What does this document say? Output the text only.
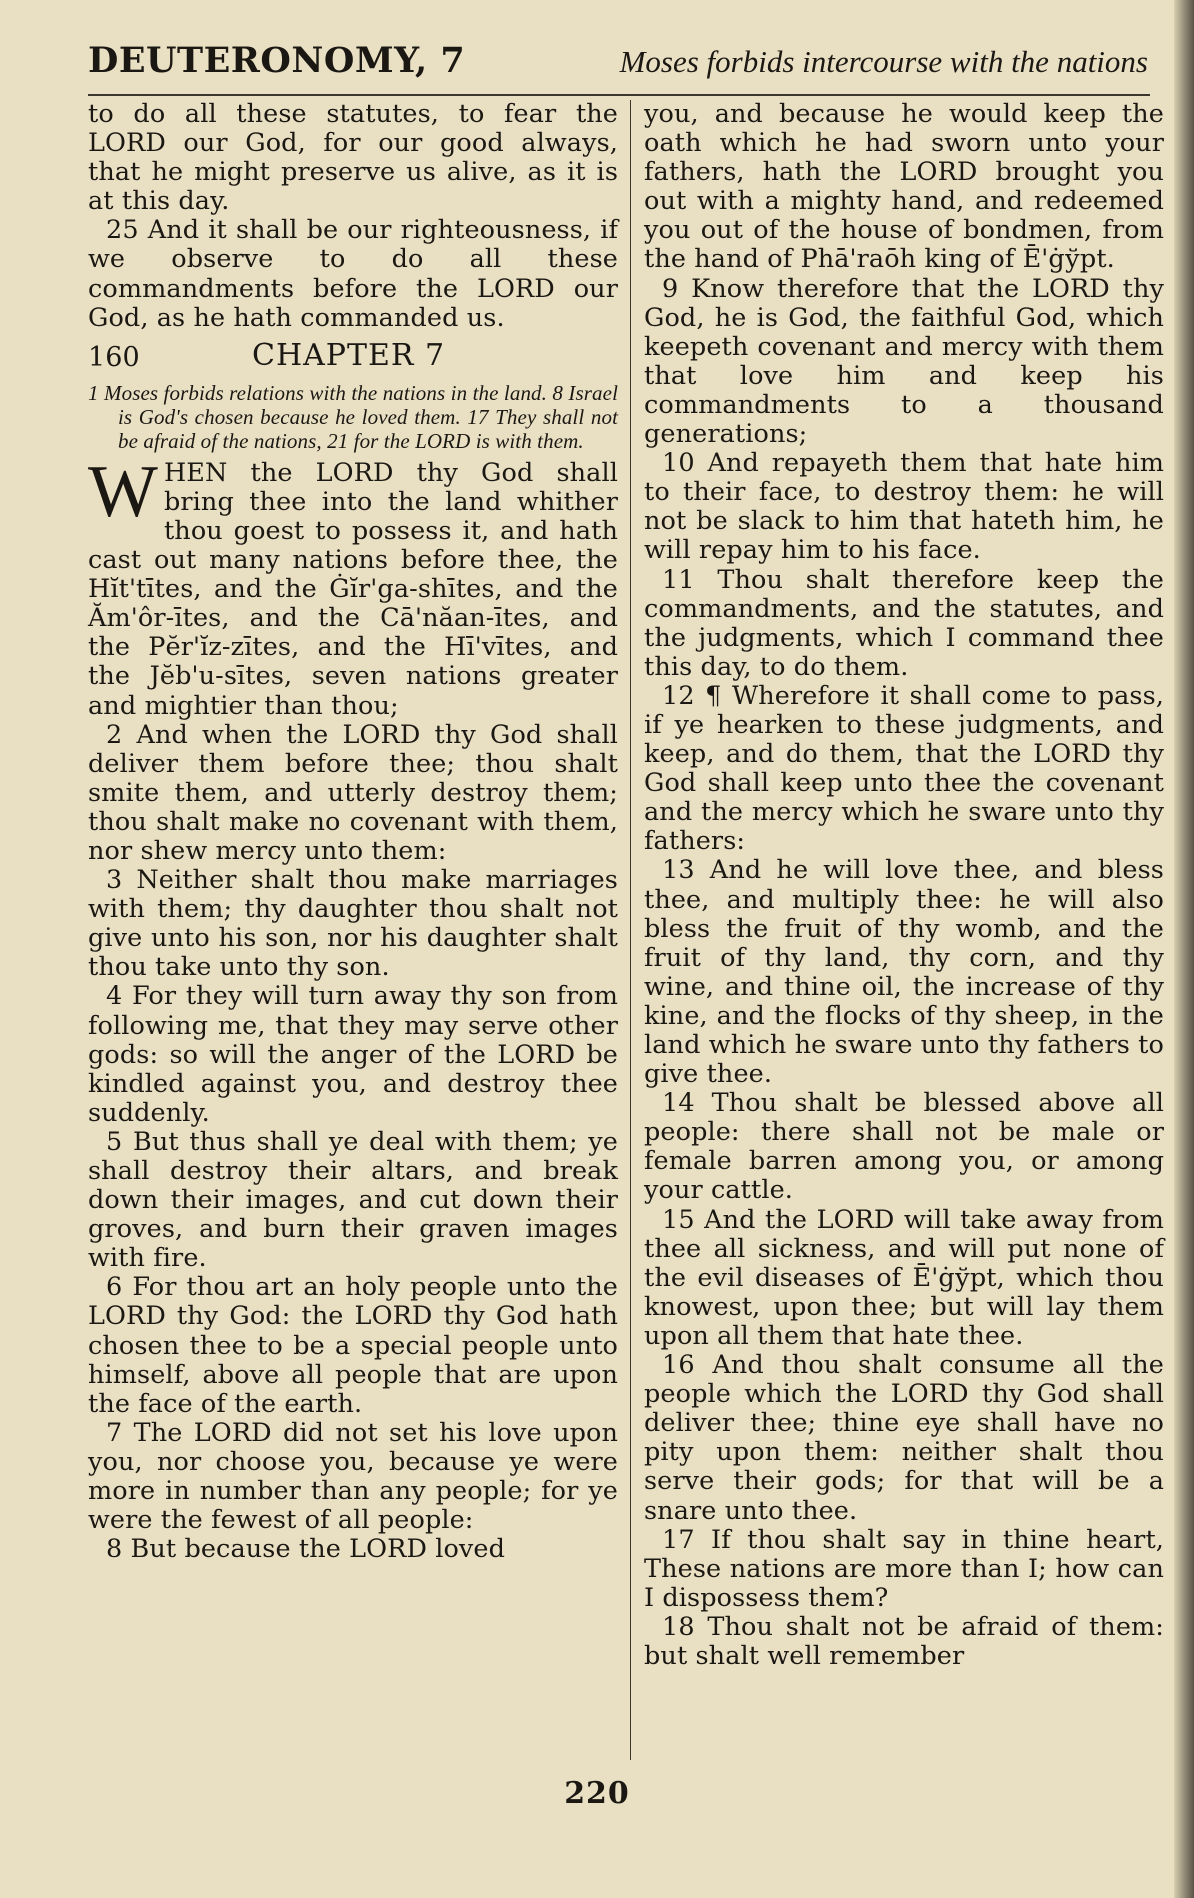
DEUTERONOMY, 7	Moses forbids intercourse with the nations

to do all these statutes, to fear the LORD our God, for our good always, that he might preserve us alive, as it is at this day.

25 And it shall be our righteousness, if we observe to do all these commandments before the LORD our God, as he hath commanded us.

160	CHAPTER 7

1 Moses forbids relations with the nations in the land. 8 Israel is God's chosen because he loved them. 17 They shall not be afraid of the nations, 21 for the LORD is with them.

W HEN the LORD thy God shall bring thee into the land whither thou goest to possess it, and hath cast out many nations before thee, the Hĭt'tītes, and the Ġĭr'ga-shītes, and the Ăm'ôr-ītes, and the Cā'năan-ītes, and the Pĕr'ĭz-zītes, and the Hī'vītes, and the Jĕb'u-sītes, seven nations greater and mightier than thou;

2 And when the LORD thy God shall deliver them before thee; thou shalt smite them, and utterly destroy them; thou shalt make no covenant with them, nor shew mercy unto them:

3 Neither shalt thou make marriages with them; thy daughter thou shalt not give unto his son, nor his daughter shalt thou take unto thy son.

4 For they will turn away thy son from following me, that they may serve other gods: so will the anger of the LORD be kindled against you, and destroy thee suddenly.

5 But thus shall ye deal with them; ye shall destroy their altars, and break down their images, and cut down their groves, and burn their graven images with fire.

6 For thou art an holy people unto the LORD thy God: the LORD thy God hath chosen thee to be a special people unto himself, above all people that are upon the face of the earth.

7 The LORD did not set his love upon you, nor choose you, because ye were more in number than any people; for ye were the fewest of all people:

8 But because the LORD loved

you, and because he would keep the oath which he had sworn unto your fathers, hath the LORD brought you out with a mighty hand, and redeemed you out of the house of bondmen, from the hand of Phā'raōh king of Ē'ġўpt.

9 Know therefore that the LORD thy God, he is God, the faithful God, which keepeth covenant and mercy with them that love him and keep his commandments to a thousand generations;

10 And repayeth them that hate him to their face, to destroy them: he will not be slack to him that hateth him, he will repay him to his face.

11 Thou shalt therefore keep the commandments, and the statutes, and the judgments, which I command thee this day, to do them.

12 ¶ Wherefore it shall come to pass, if ye hearken to these judgments, and keep, and do them, that the LORD thy God shall keep unto thee the covenant and the mercy which he sware unto thy fathers:

13 And he will love thee, and bless thee, and multiply thee: he will also bless the fruit of thy womb, and the fruit of thy land, thy corn, and thy wine, and thine oil, the increase of thy kine, and the flocks of thy sheep, in the land which he sware unto thy fathers to give thee.

14 Thou shalt be blessed above all people: there shall not be male or female barren among you, or among your cattle.

15 And the LORD will take away from thee all sickness, and will put none of the evil diseases of Ē'ġўpt, which thou knowest, upon thee; but will lay them upon all them that hate thee.

16 And thou shalt consume all the people which the LORD thy God shall deliver thee; thine eye shall have no pity upon them: neither shalt thou serve their gods; for that will be a snare unto thee.

17 If thou shalt say in thine heart, These nations are more than I; how can I dispossess them?

18 Thou shalt not be afraid of them: but shalt well remember

220
